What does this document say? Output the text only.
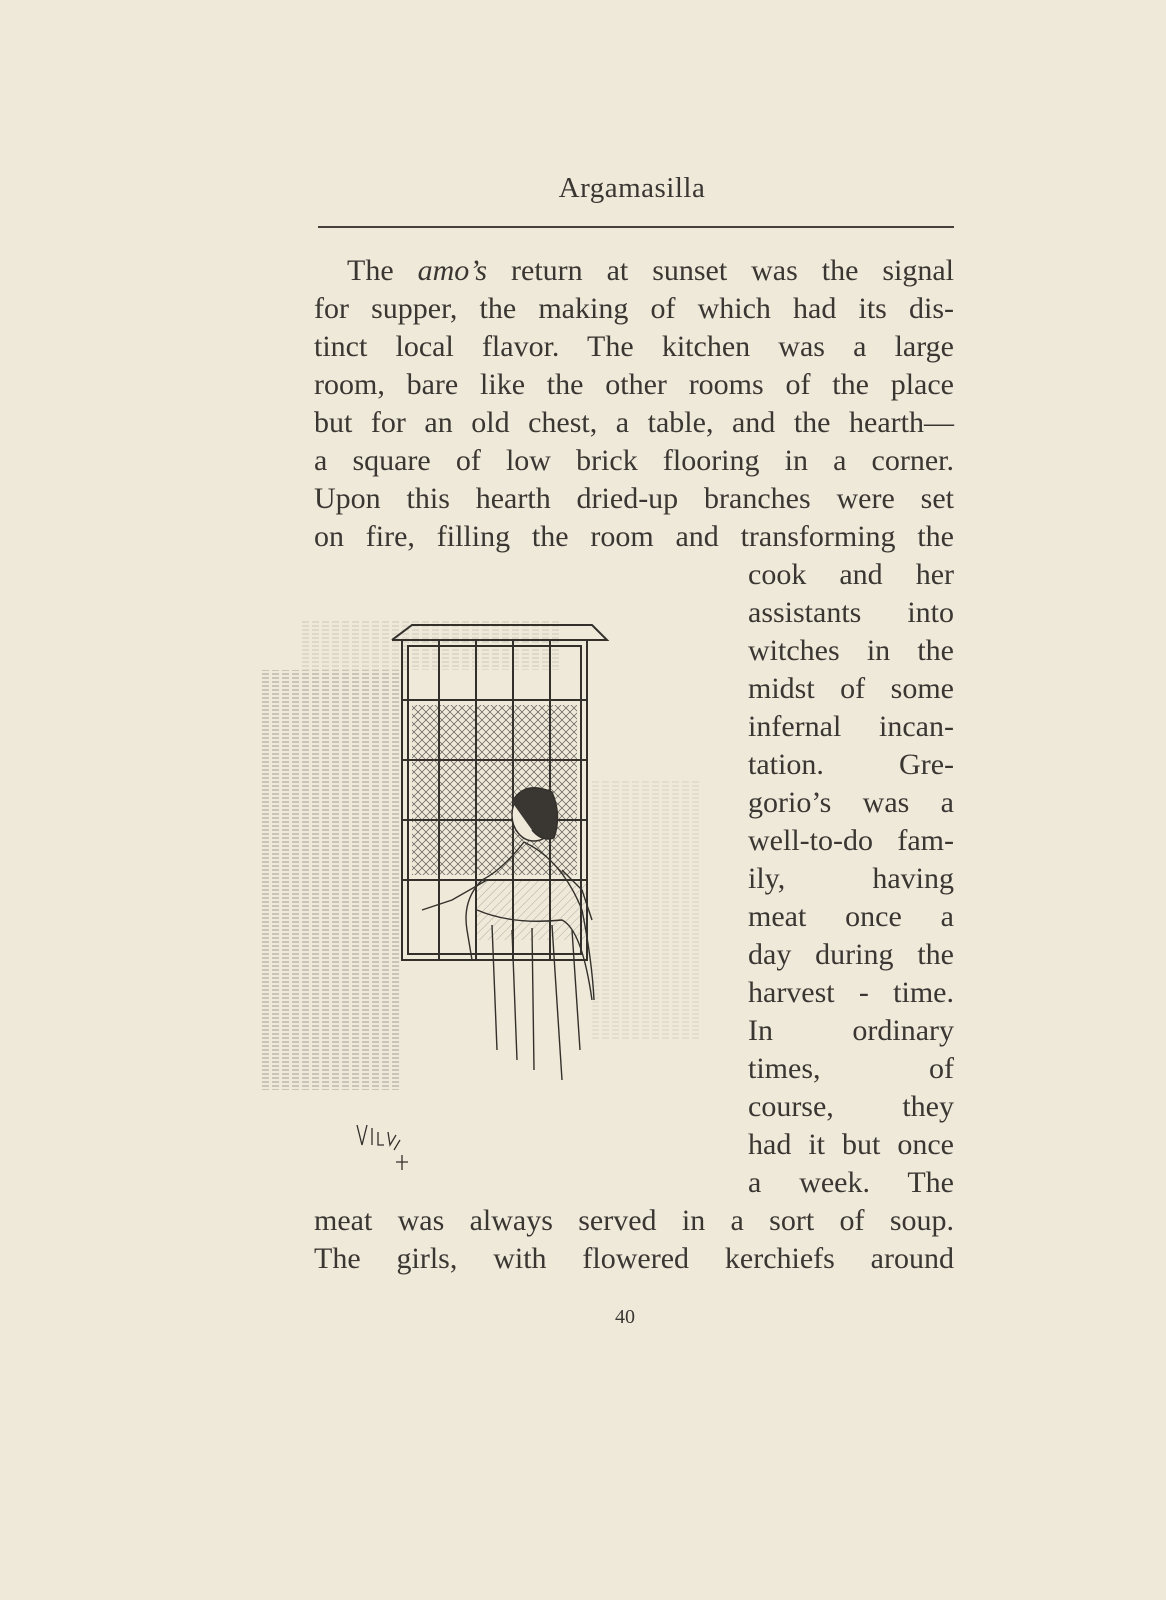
Argamasilla
The amo’s return at sunset was the signal
for supper, the making of which had its dis-
tinct local flavor. The kitchen was a large
room, bare like the other rooms of the place
but for an old chest, a table, and the hearth—
a square of low brick flooring in a corner.
Upon this hearth dried-up branches were set
on fire, filling the room and transforming the
cook and her
assistants into
witches in the
midst of some
infernal incan-
tation. Gre-
gorio’s was a
well-to-do fam-
ily, having
meat once a
day during the
harvest - time.
In ordinary
times, of
course, they
had it but once
a week. The
meat was always served in a sort of soup.
The girls, with flowered kerchiefs around
40
